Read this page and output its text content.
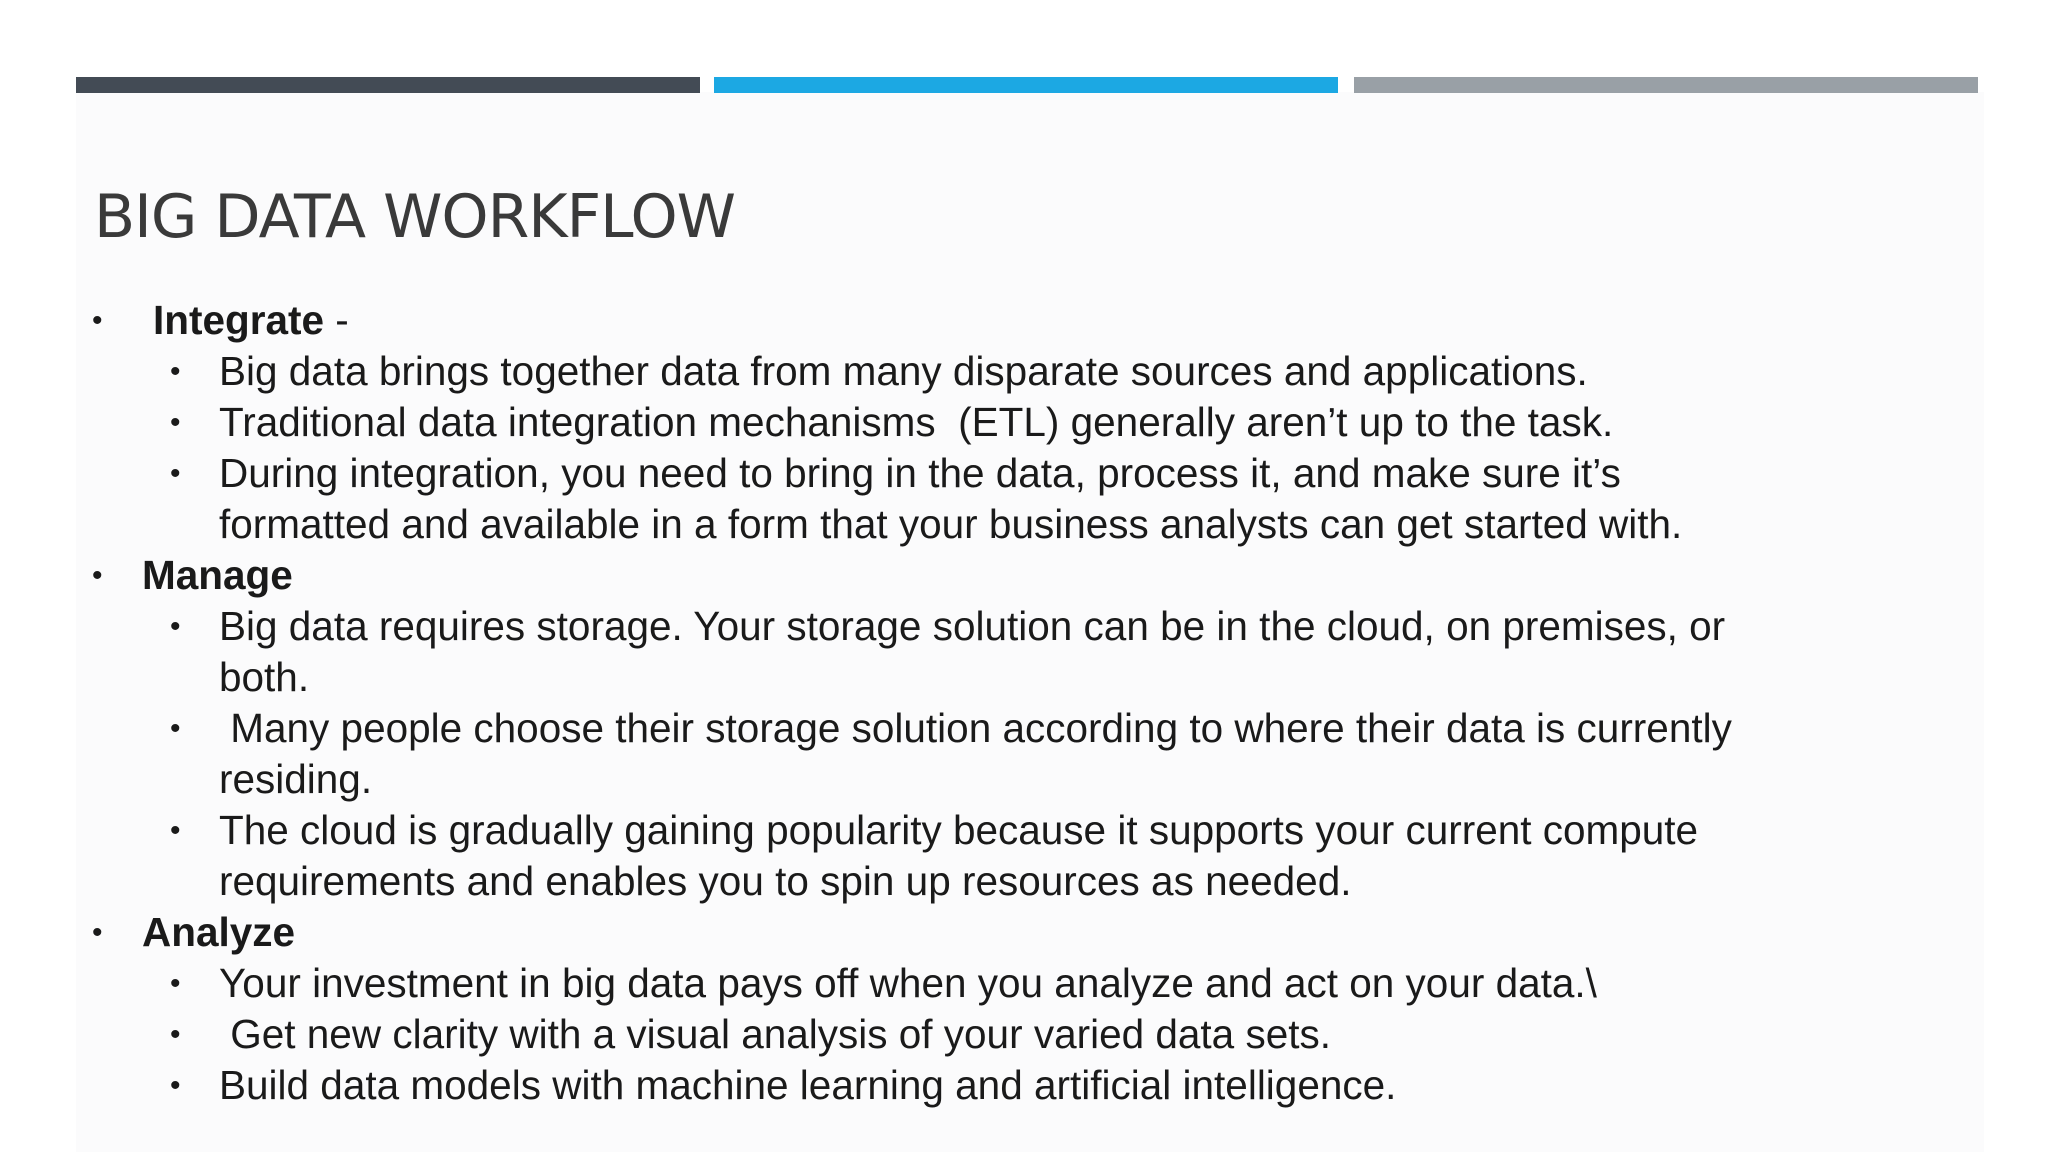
BIG DATA WORKFLOW
• Integrate -
• Big data brings together data from many disparate sources and applications.
• Traditional data integration mechanisms  (ETL) generally aren’t up to the task.
• During integration, you need to bring in the data, process it, and make sure it’s
formatted and available in a form that your business analysts can get started with.
• Manage
• Big data requires storage. Your storage solution can be in the cloud, on premises, or
both.
• Many people choose their storage solution according to where their data is currently
residing.
• The cloud is gradually gaining popularity because it supports your current compute
requirements and enables you to spin up resources as needed.
• Analyze
• Your investment in big data pays off when you analyze and act on your data.\
• Get new clarity with a visual analysis of your varied data sets.
• Build data models with machine learning and artificial intelligence.
